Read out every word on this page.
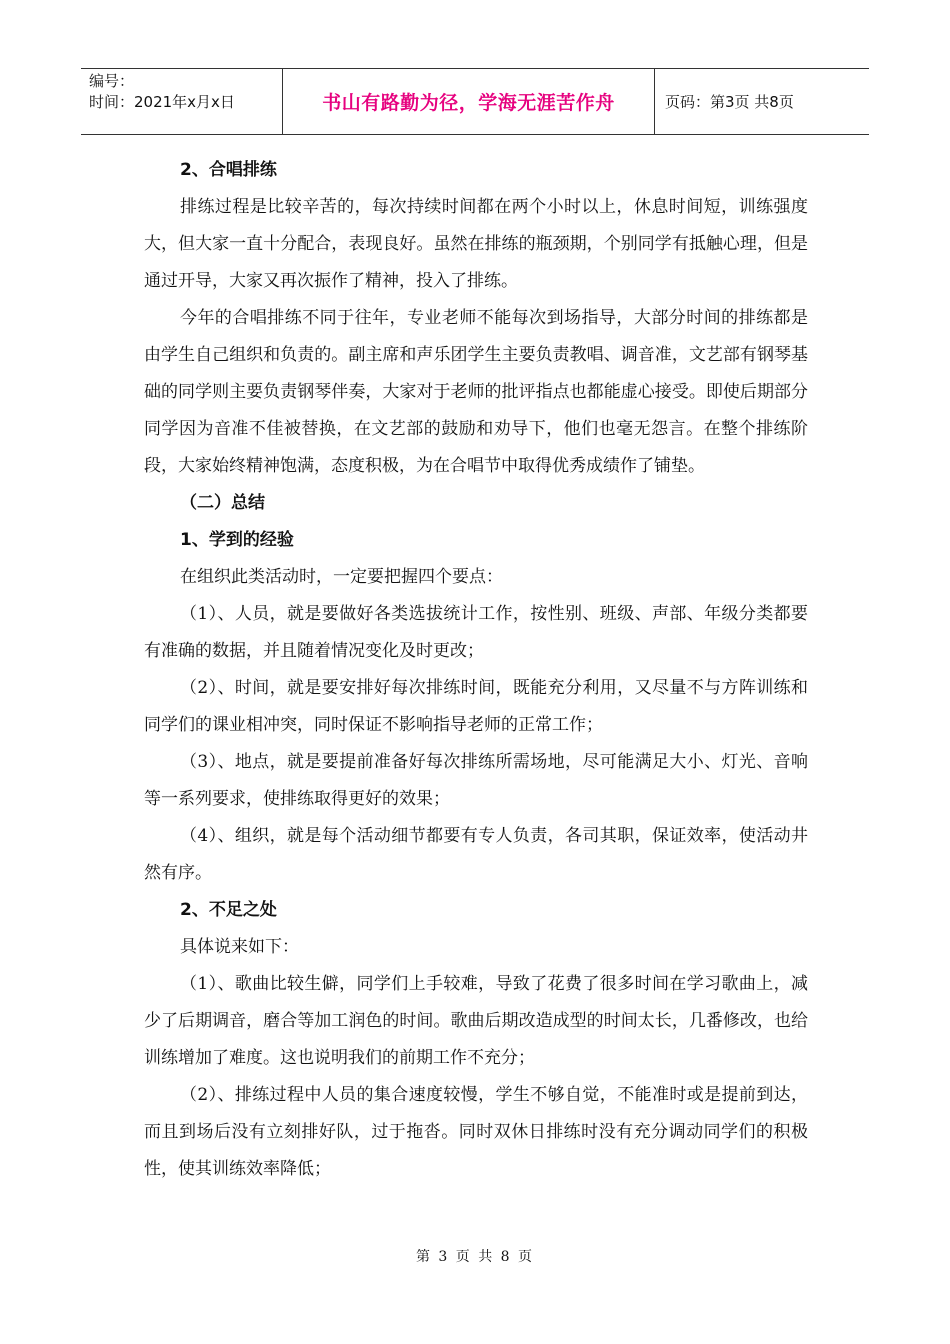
编号：
时间：2021年x月x日	书山有路勤为径，学海无涯苦作舟	页码：第3页 共8页
2、合唱排练

排练过程是比较辛苦的，每次持续时间都在两个小时以上，休息时间短，训练强度大，但大家一直十分配合，表现良好。虽然在排练的瓶颈期，个别同学有抵触心理，但是通过开导，大家又再次振作了精神，投入了排练。

今年的合唱排练不同于往年，专业老师不能每次到场指导，大部分时间的排练都是由学生自己组织和负责的。副主席和声乐团学生主要负责教唱、调音准，文艺部有钢琴基础的同学则主要负责钢琴伴奏，大家对于老师的批评指点也都能虚心接受。即使后期部分同学因为音准不佳被替换，在文艺部的鼓励和劝导下，他们也毫无怨言。在整个排练阶段，大家始终精神饱满，态度积极，为在合唱节中取得优秀成绩作了铺垫。

（二）总结
1、学到的经验

在组织此类活动时，一定要把握四个要点：

（1）、人员，就是要做好各类选拔统计工作，按性别、班级、声部、年级分类都要有准确的数据，并且随着情况变化及时更改；

（2）、时间，就是要安排好每次排练时间，既能充分利用，又尽量不与方阵训练和同学们的课业相冲突，同时保证不影响指导老师的正常工作；

（3）、地点，就是要提前准备好每次排练所需场地，尽可能满足大小、灯光、音响等一系列要求，使排练取得更好的效果；

（4）、组织，就是每个活动细节都要有专人负责，各司其职，保证效率，使活动井然有序。

2、不足之处

具体说来如下：

（1）、歌曲比较生僻，同学们上手较难，导致了花费了很多时间在学习歌曲上，减少了后期调音，磨合等加工润色的时间。歌曲后期改造成型的时间太长，几番修改，也给训练增加了难度。这也说明我们的前期工作不充分；

（2）、排练过程中人员的集合速度较慢，学生不够自觉，不能准时或是提前到达，而且到场后没有立刻排好队，过于拖沓。同时双休日排练时没有充分调动同学们的积极性，使其训练效率降低；

第 3 页 共 8 页
